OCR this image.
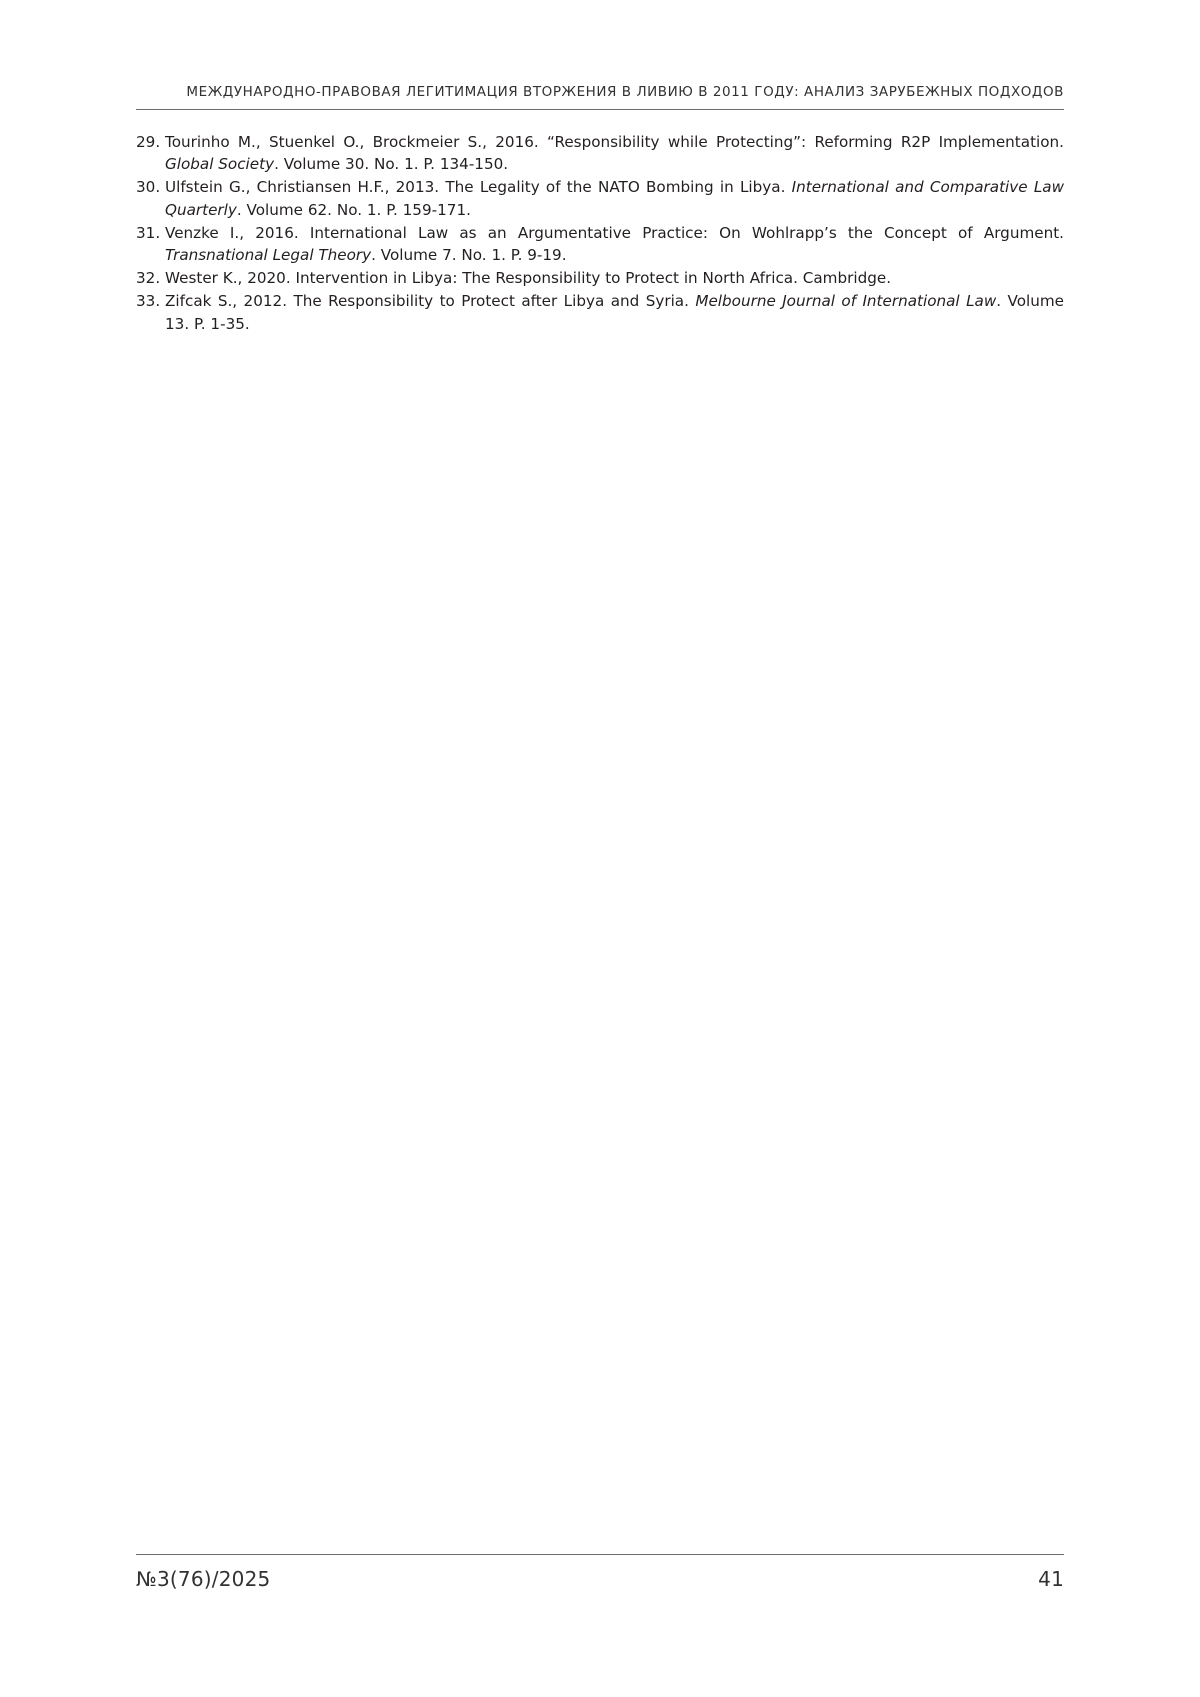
МЕЖДУНАРОДНО-ПРАВОВАЯ ЛЕГИТИМАЦИЯ ВТОРЖЕНИЯ В ЛИВИЮ В 2011 ГОДУ: АНАЛИЗ ЗАРУБЕЖНЫХ ПОДХОДОВ
29. Tourinho M., Stuenkel O., Brockmeier S., 2016. “Responsibility while Protecting”: Reforming R2P Implementation. Global Society. Volume 30. No. 1. P. 134-150.
30. Ulfstein G., Christiansen H.F., 2013. The Legality of the NATO Bombing in Libya. International and Comparative Law Quarterly. Volume 62. No. 1. P. 159-171.
31. Venzke I., 2016. International Law as an Argumentative Practice: On Wohlrapp’s the Concept of Argument. Transnational Legal Theory. Volume 7. No. 1. P. 9-19.
32. Wester K., 2020. Intervention in Libya: The Responsibility to Protect in North Africa. Cambridge.
33. Zifcak S., 2012. The Responsibility to Protect after Libya and Syria. Melbourne Journal of International Law. Volume 13. P. 1-35.
№3(76)/2025	41
